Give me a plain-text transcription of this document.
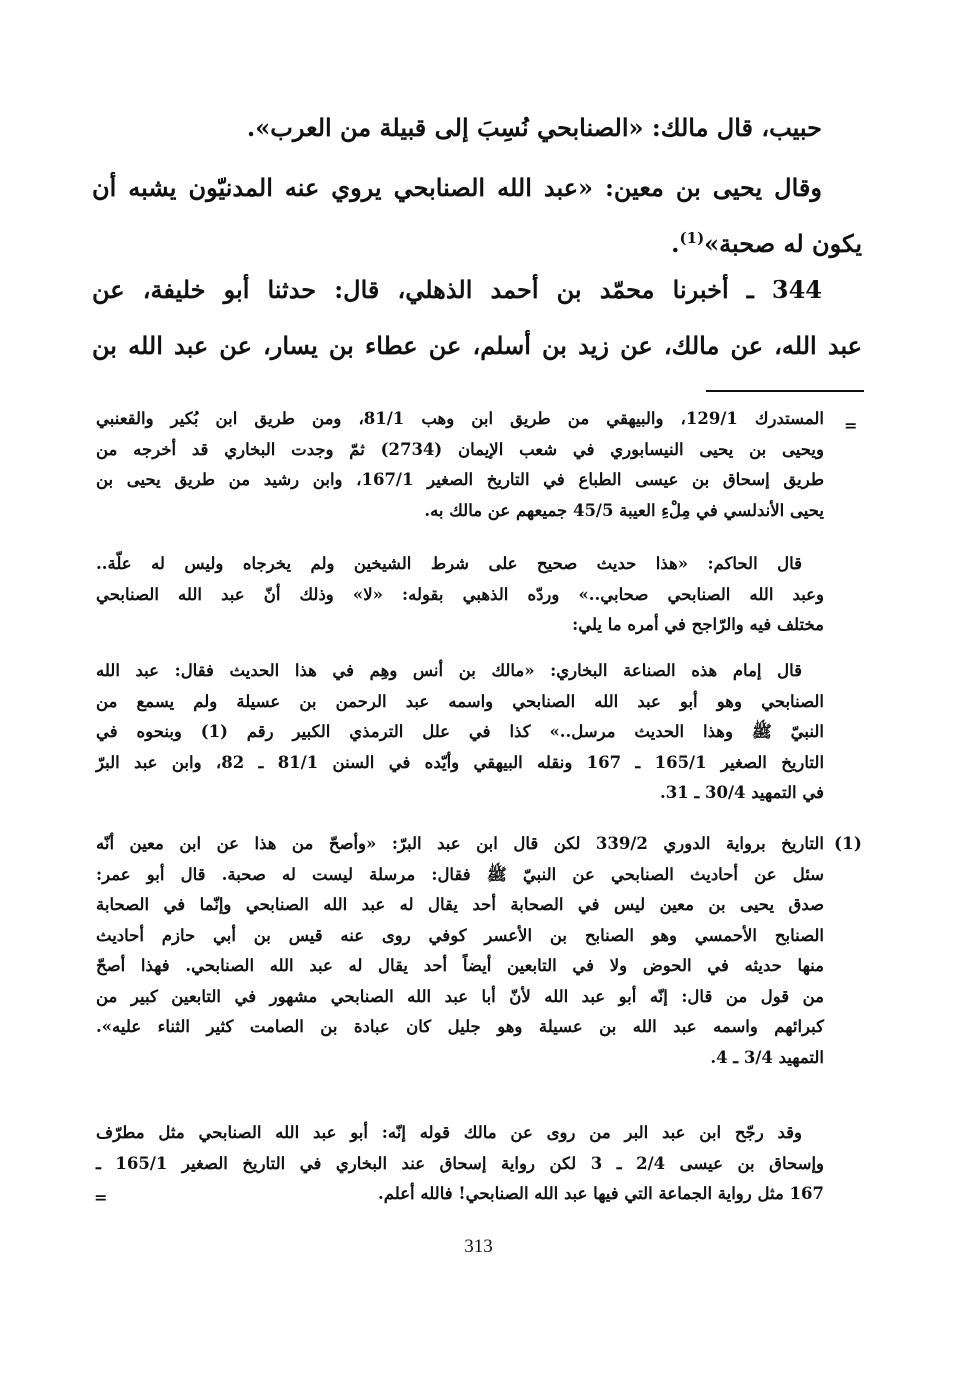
حبيب، قال مالك: «الصنابحي نُسِبَ إلى قبيلة من العرب».

وقال يحيى بن معين: «عبد الله الصنابحي يروي عنه المدنيّون يشبه أن
يكون له صحبة»$^{(1)}$.

344 ـ أخبرنا محمّد بن أحمد الذهلي، قال: حدثنا أبو خليفة، عن
عبد الله، عن مالك، عن زيد بن أسلم، عن عطاء بن يسار، عن عبد الله بن

=
المستدرك 129/1، والبيهقي من طريق ابن وهب 81/1، ومن طريق ابن بُكير والقعنبي
ويحيى بن يحيى النيسابوري في شعب الإيمان (2734) ثمّ وجدت البخاري قد أخرجه من
طريق إسحاق بن عيسى الطباع في التاريخ الصغير 167/1، وابن رشيد من طريق يحيى بن
يحيى الأندلسي في مِلْءِ العيبة 45/5 جميعهم عن مالك به.
قال الحاكم: «هذا حديث صحيح على شرط الشيخين ولم يخرجاه وليس له علّة..
وعبد الله الصنابحي صحابي..» وردّه الذهبي بقوله: «لا» وذلك أنّ عبد الله الصنابحي
مختلف فيه والرّاجح في أمره ما يلي:
قال إمام هذه الصناعة البخاري: «مالك بن أنس وهِم في هذا الحديث فقال: عبد الله
الصنابحي وهو أبو عبد الله الصنابحي واسمه عبد الرحمن بن عسيلة ولم يسمع من
النبيّ ﷺ وهذا الحديث مرسل..» كذا في علل الترمذي الكبير رقم (1) وبنحوه في
التاريخ الصغير 165/1 ـ 167 ونقله البيهقي وأيّده في السنن 81/1 ـ 82، وابن عبد البرّ
في التمهيد 30/4 ـ 31.
(1)
التاريخ برواية الدوري 339/2 لكن قال ابن عبد البرّ: «وأصحّ من هذا عن ابن معين أنّه
سئل عن أحاديث الصنابحي عن النبيّ ﷺ فقال: مرسلة ليست له صحبة. قال أبو عمر:
صدق يحيى بن معين ليس في الصحابة أحد يقال له عبد الله الصنابحي وإنّما في الصحابة
الصنابح الأحمسي وهو الصنابح بن الأعسر كوفي روى عنه قيس بن أبي حازم أحاديث
منها حديثه في الحوض ولا في التابعين أيضاً أحد يقال له عبد الله الصنابحي. فهذا أصحّ
من قول من قال: إنّه أبو عبد الله لأنّ أبا عبد الله الصنابحي مشهور في التابعين كبير من
كبرائهم واسمه عبد الله بن عسيلة وهو جليل كان عبادة بن الصامت كثير الثناء عليه».
التمهيد 3/4 ـ 4.
وقد رجّح ابن عبد البر من روى عن مالك قوله إنّه: أبو عبد الله الصنابحي مثل مطرّف
وإسحاق بن عيسى 2/4 ـ 3 لكن رواية إسحاق عند البخاري في التاريخ الصغير 165/1 ـ
167 مثل رواية الجماعة التي فيها عبد الله الصنابحي! فالله أعلم.
=
313
